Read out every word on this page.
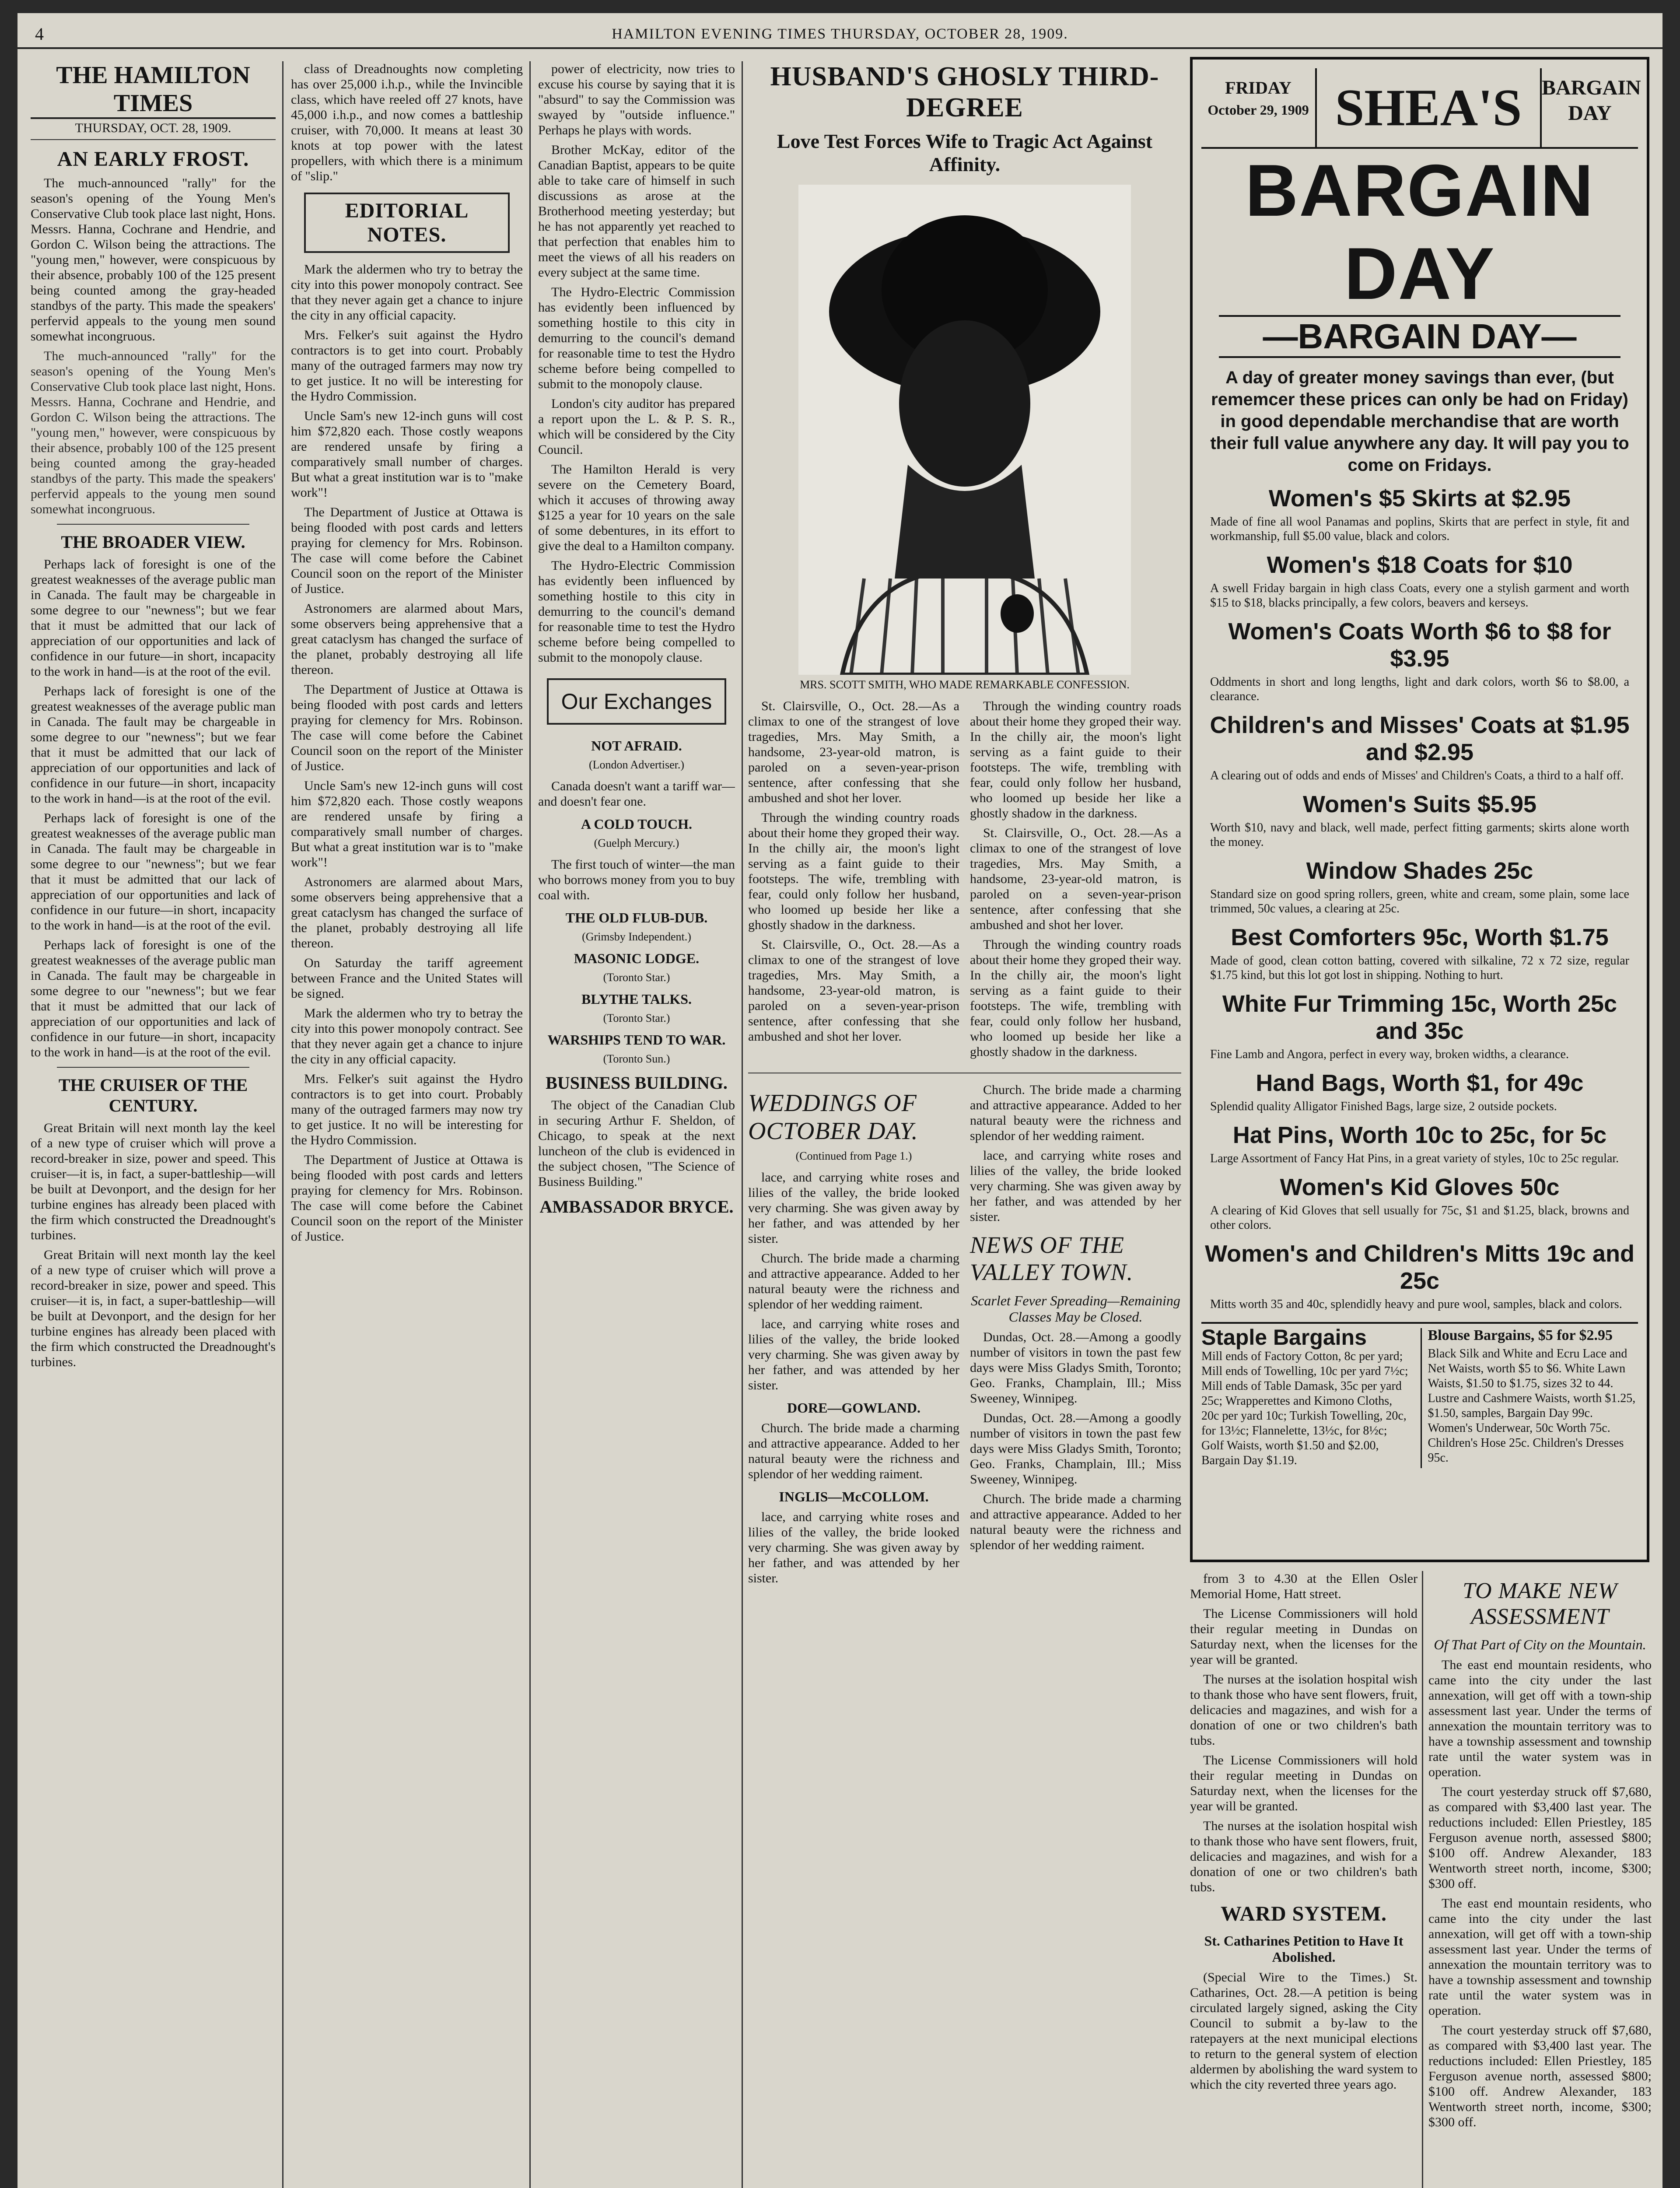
4	HAMILTON EVENING TIMES THURSDAY, OCTOBER 28, 1909.
THE HAMILTON TIMES
THURSDAY, OCT. 28, 1909.
AN EARLY FROST.

The much-announced "rally" for the season's opening of the Young Men's Conservative Club took place last night, Hons. Messrs. Hanna, Cochrane and Hendrie, and Gordon C. Wilson being the attractions. The "young men," however, were conspicuous by their absence, probably 100 of the 125 present being counted among the gray-headed standbys of the party. This made the speakers' perfervid appeals to the young men sound somewhat incongruous.

The much-announced "rally" for the season's opening of the Young Men's Conservative Club took place last night, Hons. Messrs. Hanna, Cochrane and Hendrie, and Gordon C. Wilson being the attractions. The "young men," however, were conspicuous by their absence, probably 100 of the 125 present being counted among the gray-headed standbys of the party. This made the speakers' perfervid appeals to the young men sound somewhat incongruous.

THE BROADER VIEW.

Perhaps lack of foresight is one of the greatest weaknesses of the average public man in Canada. The fault may be chargeable in some degree to our "newness"; but we fear that it must be admitted that our lack of appreciation of our opportunities and lack of confidence in our future—in short, incapacity to the work in hand—is at the root of the evil.

Perhaps lack of foresight is one of the greatest weaknesses of the average public man in Canada. The fault may be chargeable in some degree to our "newness"; but we fear that it must be admitted that our lack of appreciation of our opportunities and lack of confidence in our future—in short, incapacity to the work in hand—is at the root of the evil.

Perhaps lack of foresight is one of the greatest weaknesses of the average public man in Canada. The fault may be chargeable in some degree to our "newness"; but we fear that it must be admitted that our lack of appreciation of our opportunities and lack of confidence in our future—in short, incapacity to the work in hand—is at the root of the evil.

Perhaps lack of foresight is one of the greatest weaknesses of the average public man in Canada. The fault may be chargeable in some degree to our "newness"; but we fear that it must be admitted that our lack of appreciation of our opportunities and lack of confidence in our future—in short, incapacity to the work in hand—is at the root of the evil.

THE CRUISER OF THE CENTURY.

Great Britain will next month lay the keel of a new type of cruiser which will prove a record-breaker in size, power and speed. This cruiser—it is, in fact, a super-battleship—will be built at Devonport, and the design for her turbine engines has already been placed with the firm which constructed the Dreadnought's turbines.

Great Britain will next month lay the keel of a new type of cruiser which will prove a record-breaker in size, power and speed. This cruiser—it is, in fact, a super-battleship—will be built at Devonport, and the design for her turbine engines has already been placed with the firm which constructed the Dreadnought's turbines.

class of Dreadnoughts now completing has over 25,000 i.h.p., while the Invincible class, which have reeled off 27 knots, have 45,000 i.h.p., and now comes a battleship cruiser, with 70,000. It means at least 30 knots at top power with the latest propellers, with which there is a minimum of "slip."

EDITORIAL NOTES.

Mark the aldermen who try to betray the city into this power monopoly contract. See that they never again get a chance to injure the city in any official capacity.

Mrs. Felker's suit against the Hydro contractors is to get into court. Probably many of the outraged farmers may now try to get justice. It no will be interesting for the Hydro Commission.

Uncle Sam's new 12-inch guns will cost him $72,820 each. Those costly weapons are rendered unsafe by firing a comparatively small number of charges. But what a great institution war is to "make work"!

The Department of Justice at Ottawa is being flooded with post cards and letters praying for clemency for Mrs. Robinson. The case will come before the Cabinet Council soon on the report of the Minister of Justice.

Astronomers are alarmed about Mars, some observers being apprehensive that a great cataclysm has changed the surface of the planet, probably destroying all life thereon.

The Department of Justice at Ottawa is being flooded with post cards and letters praying for clemency for Mrs. Robinson. The case will come before the Cabinet Council soon on the report of the Minister of Justice.

Uncle Sam's new 12-inch guns will cost him $72,820 each. Those costly weapons are rendered unsafe by firing a comparatively small number of charges. But what a great institution war is to "make work"!

Astronomers are alarmed about Mars, some observers being apprehensive that a great cataclysm has changed the surface of the planet, probably destroying all life thereon.

On Saturday the tariff agreement between France and the United States will be signed.

Mark the aldermen who try to betray the city into this power monopoly contract. See that they never again get a chance to injure the city in any official capacity.

Mrs. Felker's suit against the Hydro contractors is to get into court. Probably many of the outraged farmers may now try to get justice. It no will be interesting for the Hydro Commission.

The Department of Justice at Ottawa is being flooded with post cards and letters praying for clemency for Mrs. Robinson. The case will come before the Cabinet Council soon on the report of the Minister of Justice.

power of electricity, now tries to excuse his course by saying that it is "absurd" to say the Commission was swayed by "outside influence." Perhaps he plays with words.

Brother McKay, editor of the Canadian Baptist, appears to be quite able to take care of himself in such discussions as arose at the Brotherhood meeting yesterday; but he has not apparently yet reached to that perfection that enables him to meet the views of all his readers on every subject at the same time.

The Hydro-Electric Commission has evidently been influenced by something hostile to this city in demurring to the council's demand for reasonable time to test the Hydro scheme before being compelled to submit to the monopoly clause.

London's city auditor has prepared a report upon the L. & P. S. R., which will be considered by the City Council.

The Hamilton Herald is very severe on the Cemetery Board, which it accuses of throwing away $125 a year for 10 years on the sale of some debentures, in its effort to give the deal to a Hamilton company.

The Hydro-Electric Commission has evidently been influenced by something hostile to this city in demurring to the council's demand for reasonable time to test the Hydro scheme before being compelled to submit to the monopoly clause.

Our Exchanges
NOT AFRAID.
(London Advertiser.)

Canada doesn't want a tariff war—and doesn't fear one.

A COLD TOUCH.
(Guelph Mercury.)

The first touch of winter—the man who borrows money from you to buy coal with.

THE OLD FLUB-DUB.
(Grimsby Independent.)
MASONIC LODGE.
(Toronto Star.)
BLYTHE TALKS.
(Toronto Star.)
WARSHIPS TEND TO WAR.
(Toronto Sun.)
BUSINESS BUILDING.

The object of the Canadian Club in securing Arthur F. Sheldon, of Chicago, to speak at the next luncheon of the club is evidenced in the subject chosen, "The Science of Business Building."

AMBASSADOR BRYCE.
HUSBAND'S GHOSLY THIRD-DEGREE
Love Test Forces Wife to Tragic Act Against Affinity.
MRS. SCOTT SMITH, WHO MADE REMARKABLE CONFESSION.

St. Clairsville, O., Oct. 28.—As a climax to one of the strangest of love tragedies, Mrs. May Smith, a handsome, 23-year-old matron, is paroled on a seven-year-prison sentence, after confessing that she ambushed and shot her lover.

Through the winding country roads about their home they groped their way. In the chilly air, the moon's light serving as a faint guide to their footsteps. The wife, trembling with fear, could only follow her husband, who loomed up beside her like a ghostly shadow in the darkness.

St. Clairsville, O., Oct. 28.—As a climax to one of the strangest of love tragedies, Mrs. May Smith, a handsome, 23-year-old matron, is paroled on a seven-year-prison sentence, after confessing that she ambushed and shot her lover.

Through the winding country roads about their home they groped their way. In the chilly air, the moon's light serving as a faint guide to their footsteps. The wife, trembling with fear, could only follow her husband, who loomed up beside her like a ghostly shadow in the darkness.

St. Clairsville, O., Oct. 28.—As a climax to one of the strangest of love tragedies, Mrs. May Smith, a handsome, 23-year-old matron, is paroled on a seven-year-prison sentence, after confessing that she ambushed and shot her lover.

Through the winding country roads about their home they groped their way. In the chilly air, the moon's light serving as a faint guide to their footsteps. The wife, trembling with fear, could only follow her husband, who loomed up beside her like a ghostly shadow in the darkness.

WEDDINGS OF OCTOBER DAY.
(Continued from Page 1.)

lace, and carrying white roses and lilies of the valley, the bride looked very charming. She was given away by her father, and was attended by her sister.

Church. The bride made a charming and attractive appearance. Added to her natural beauty were the richness and splendor of her wedding raiment.

lace, and carrying white roses and lilies of the valley, the bride looked very charming. She was given away by her father, and was attended by her sister.

DORE—GOWLAND.

Church. The bride made a charming and attractive appearance. Added to her natural beauty were the richness and splendor of her wedding raiment.

INGLIS—McCOLLOM.

lace, and carrying white roses and lilies of the valley, the bride looked very charming. She was given away by her father, and was attended by her sister.

Church. The bride made a charming and attractive appearance. Added to her natural beauty were the richness and splendor of her wedding raiment.

lace, and carrying white roses and lilies of the valley, the bride looked very charming. She was given away by her father, and was attended by her sister.

NEWS OF THE VALLEY TOWN.
Scarlet Fever Spreading—Remaining Classes May be Closed.

Dundas, Oct. 28.—Among a goodly number of visitors in town the past few days were Miss Gladys Smith, Toronto; Geo. Franks, Champlain, Ill.; Miss Sweeney, Winnipeg.

Dundas, Oct. 28.—Among a goodly number of visitors in town the past few days were Miss Gladys Smith, Toronto; Geo. Franks, Champlain, Ill.; Miss Sweeney, Winnipeg.

Church. The bride made a charming and attractive appearance. Added to her natural beauty were the richness and splendor of her wedding raiment.

FRIDAY
October 29, 1909 SHEA'S BARGAIN DAY
BARGAIN DAY
—BARGAIN DAY—
A day of greater money savings than ever, (but rememcer these prices can only be had on Friday) in good dependable merchandise that are worth their full value anywhere any day. It will pay you to come on Fridays.
Women's $5 Skirts at $2.95

Made of fine all wool Panamas and poplins, Skirts that are perfect in style, fit and workmanship, full $5.00 value, black and colors.

Women's $18 Coats for $10

A swell Friday bargain in high class Coats, every one a stylish garment and worth $15 to $18, blacks principally, a few colors, beavers and kerseys.

Women's Coats Worth $6 to $8 for $3.95

Oddments in short and long lengths, light and dark colors, worth $6 to $8.00, a clearance.

Children's and Misses' Coats at $1.95 and $2.95

A clearing out of odds and ends of Misses' and Children's Coats, a third to a half off.

Women's Suits $5.95

Worth $10, navy and black, well made, perfect fitting garments; skirts alone worth the money.

Window Shades 25c

Standard size on good spring rollers, green, white and cream, some plain, some lace trimmed, 50c values, a clearing at 25c.

Best Comforters 95c, Worth $1.75

Made of good, clean cotton batting, covered with silkaline, 72 x 72 size, regular $1.75 kind, but this lot got lost in shipping. Nothing to hurt.

White Fur Trimming 15c, Worth 25c and 35c

Fine Lamb and Angora, perfect in every way, broken widths, a clearance.

Hand Bags, Worth $1, for 49c

Splendid quality Alligator Finished Bags, large size, 2 outside pockets.

Hat Pins, Worth 10c to 25c, for 5c

Large Assortment of Fancy Hat Pins, in a great variety of styles, 10c to 25c regular.

Women's Kid Gloves 50c

A clearing of Kid Gloves that sell usually for 75c, $1 and $1.25, black, browns and other colors.

Women's and Children's Mitts 19c and 25c

Mitts worth 35 and 40c, splendidly heavy and pure wool, samples, black and colors.

Staple Bargains
Mill ends of Factory Cotton, 8c per yard; Mill ends of Towelling, 10c per yard 7½c; Mill ends of Table Damask, 35c per yard 25c; Wrapperettes and Kimono Cloths, 20c per yard 10c; Turkish Towelling, 20c, for 13½c; Flannelette, 13½c, for 8½c; Golf Waists, worth $1.50 and $2.00, Bargain Day $1.19.
Blouse Bargains, $5 for $2.95
Black Silk and White and Ecru Lace and Net Waists, worth $5 to $6. White Lawn Waists, $1.50 to $1.75, sizes 32 to 44. Lustre and Cashmere Waists, worth $1.25, $1.50, samples, Bargain Day 99c. Women's Underwear, 50c Worth 75c. Children's Hose 25c. Children's Dresses 95c.

from 3 to 4.30 at the Ellen Osler Memorial Home, Hatt street.

The License Commissioners will hold their regular meeting in Dundas on Saturday next, when the licenses for the year will be granted.

The nurses at the isolation hospital wish to thank those who have sent flowers, fruit, delicacies and magazines, and wish for a donation of one or two children's bath tubs.

The License Commissioners will hold their regular meeting in Dundas on Saturday next, when the licenses for the year will be granted.

The nurses at the isolation hospital wish to thank those who have sent flowers, fruit, delicacies and magazines, and wish for a donation of one or two children's bath tubs.

WARD SYSTEM.
St. Catharines Petition to Have It Abolished.

(Special Wire to the Times.) St. Catharines, Oct. 28.—A petition is being circulated largely signed, asking the City Council to submit a by-law to the ratepayers at the next municipal elections to return to the general system of election aldermen by abolishing the ward system to which the city reverted three years ago.

TO MAKE NEW ASSESSMENT
Of That Part of City on the Mountain.

The east end mountain residents, who came into the city under the last annexation, will get off with a town-ship assessment last year. Under the terms of annexation the mountain territory was to have a township assessment and township rate until the water system was in operation.

The court yesterday struck off $7,680, as compared with $3,400 last year. The reductions included: Ellen Priestley, 185 Ferguson avenue north, assessed $800; $100 off. Andrew Alexander, 183 Wentworth street north, income, $300; $300 off.

The east end mountain residents, who came into the city under the last annexation, will get off with a town-ship assessment last year. Under the terms of annexation the mountain territory was to have a township assessment and township rate until the water system was in operation.

The court yesterday struck off $7,680, as compared with $3,400 last year. The reductions included: Ellen Priestley, 185 Ferguson avenue north, assessed $800; $100 off. Andrew Alexander, 183 Wentworth street north, income, $300; $300 off.
